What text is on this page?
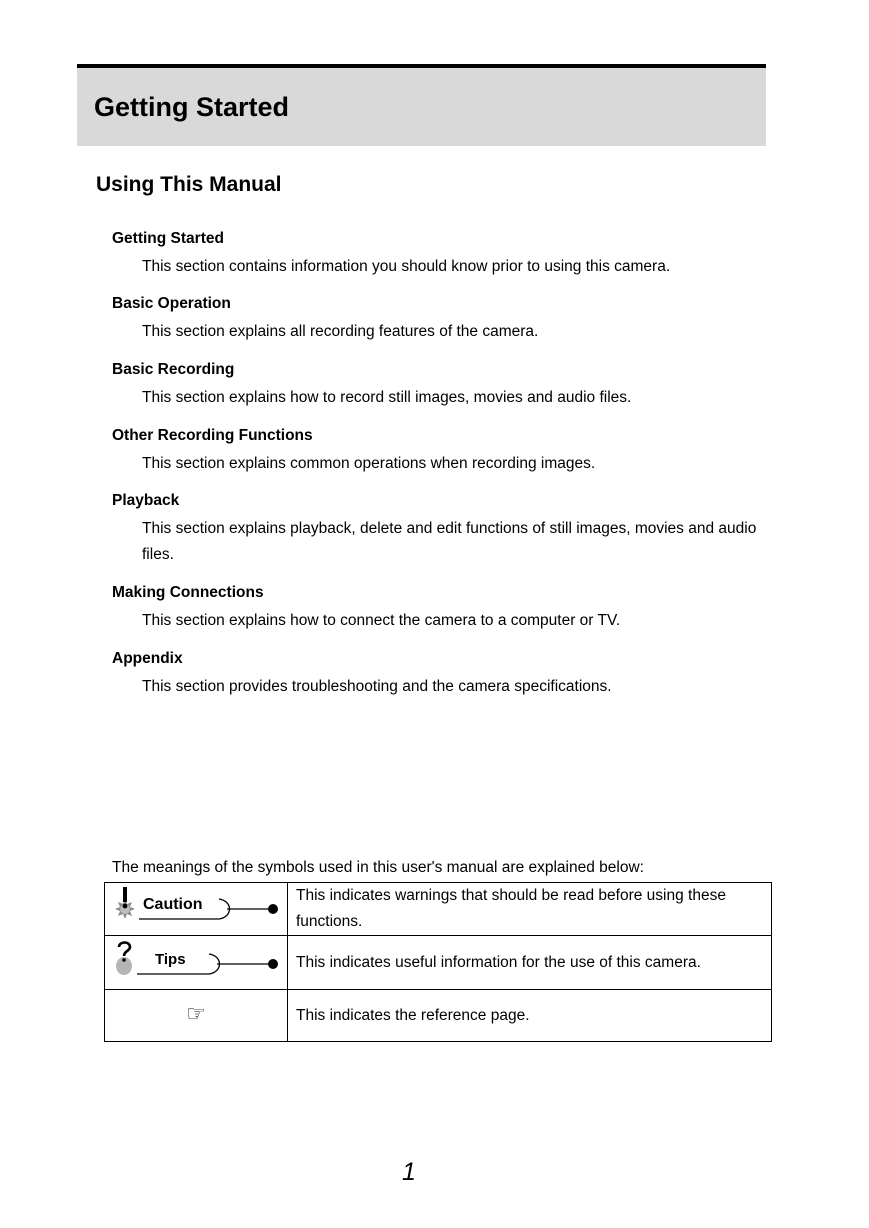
Getting Started
Using This Manual
Getting Started
This section contains information you should know prior to using this camera.
Basic Operation
This section explains all recording features of the camera.
Basic Recording
This section explains how to record still images, movies and audio files.
Other Recording Functions
This section explains common operations when recording images.
Playback
This section explains playback, delete and edit functions of still images, movies and audio files.
Making Connections
This section explains how to connect the camera to a computer or TV.
Appendix
This section provides troubleshooting and the camera specifications.
The meanings of the symbols used in this user's manual are explained below:
Caution	This indicates warnings that should be read before using these functions.

Tips	This indicates useful information for the use of this camera.
☞	This indicates the reference page.
1
